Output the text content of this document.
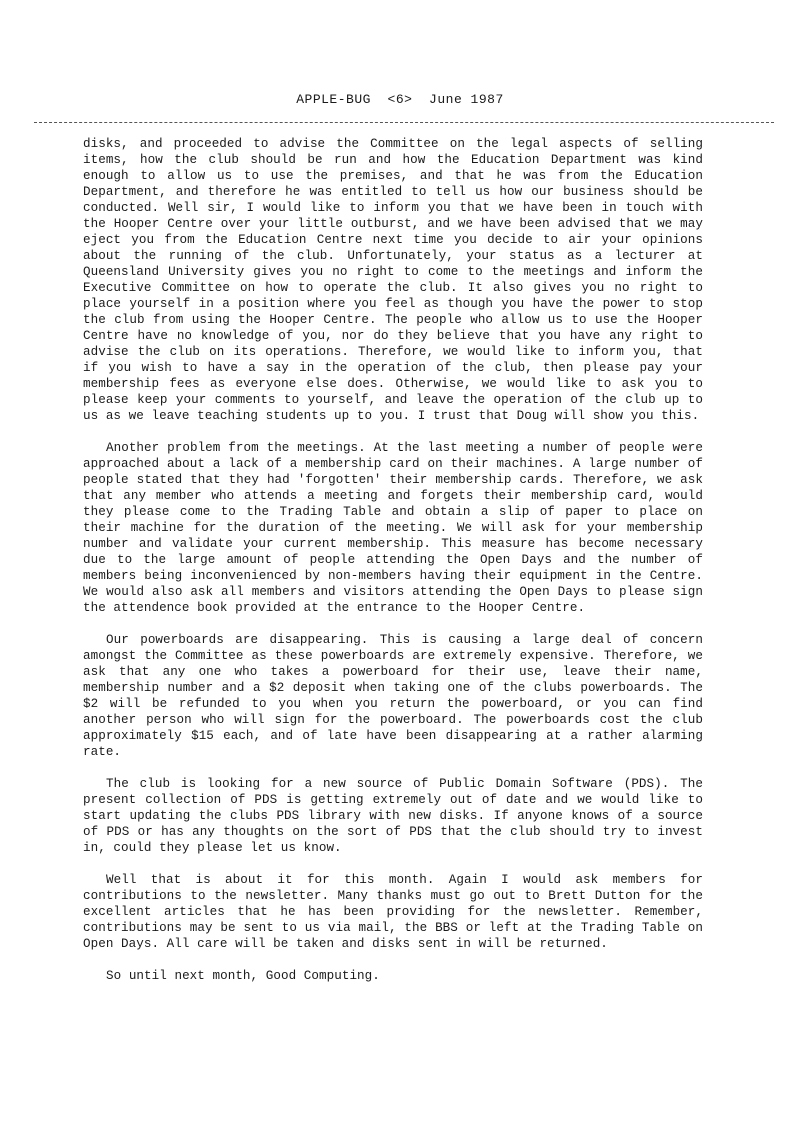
APPLE-BUG  <6>  June 1987

disks, and proceeded to advise the Committee on the legal aspects of selling items, how the club should be run and how the Education Department was kind enough to allow us to use the premises, and that he was from the Education Department, and therefore he was entitled to tell us how our business should be conducted. Well sir, I would like to inform you that we have been in touch with the Hooper Centre over your little outburst, and we have been advised that we may eject you from the Education Centre next time you decide to air your opinions about the running of the club. Unfortunately, your status as a lecturer at Queensland University gives you no right to come to the meetings and inform the Executive Committee on how to operate the club. It also gives you no right to place yourself in a position where you feel as though you have the power to stop the club from using the Hooper Centre. The people who allow us to use the Hooper Centre have no knowledge of you, nor do they believe that you have any right to advise the club on its operations. Therefore, we would like to inform you, that if you wish to have a say in the operation of the club, then please pay your membership fees as everyone else does. Otherwise, we would like to ask you to please keep your comments to yourself, and leave the operation of the club up to us as we leave teaching students up to you. I trust that Doug will show you this.

Another problem from the meetings. At the last meeting a number of people were approached about a lack of a membership card on their machines. A large number of people stated that they had 'forgotten' their membership cards. Therefore, we ask that any member who attends a meeting and forgets their membership card, would they please come to the Trading Table and obtain a slip of paper to place on their machine for the duration of the meeting. We will ask for your membership number and validate your current membership. This measure has become necessary due to the large amount of people attending the Open Days and the number of members being inconvenienced by non-members having their equipment in the Centre. We would also ask all members and visitors attending the Open Days to please sign the attendence book provided at the entrance to the Hooper Centre.

Our powerboards are disappearing. This is causing a large deal of concern amongst the Committee as these powerboards are extremely expensive. Therefore, we ask that any one who takes a powerboard for their use, leave their name, membership number and a $2 deposit when taking one of the clubs powerboards. The $2 will be refunded to you when you return the powerboard, or you can find another person who will sign for the powerboard. The powerboards cost the club approximately $15 each, and of late have been disappearing at a rather alarming rate.

The club is looking for a new source of Public Domain Software (PDS). The present collection of PDS is getting extremely out of date and we would like to start updating the clubs PDS library with new disks. If anyone knows of a source of PDS or has any thoughts on the sort of PDS that the club should try to invest in, could they please let us know.

Well that is about it for this month. Again I would ask members for contributions to the newsletter. Many thanks must go out to Brett Dutton for the excellent articles that he has been providing for the newsletter. Remember, contributions may be sent to us via mail, the BBS or left at the Trading Table on Open Days. All care will be taken and disks sent in will be returned.

So until next month, Good Computing.
